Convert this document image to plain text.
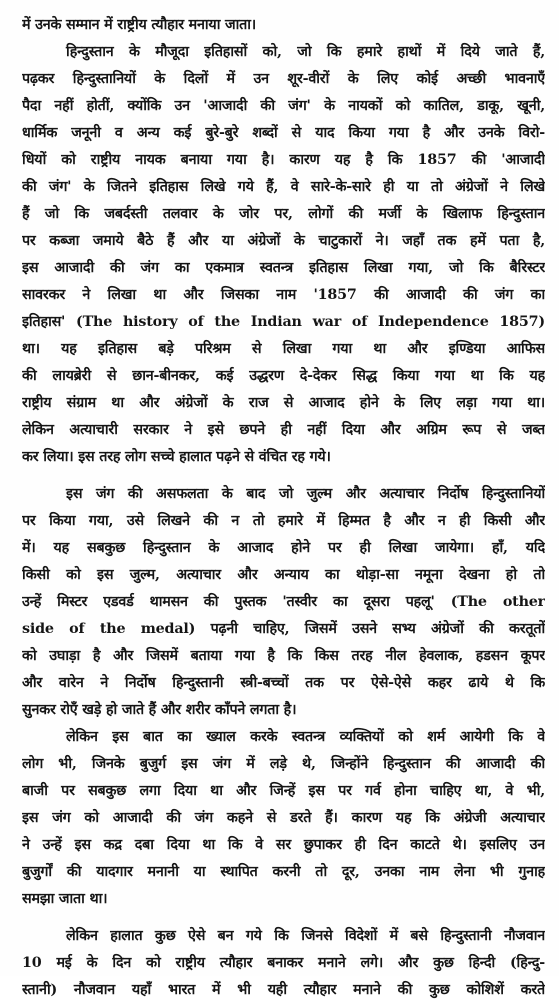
में उनके सम्मान में राष्ट्रीय त्यौहार मनाया जाता।
हिन्दुस्तान के मौजूदा इतिहासों को, जो कि हमारे हाथों में दिये जाते हैं,
पढ़कर हिन्दुस्तानियों के दिलों में उन शूर-वीरों के लिए कोई अच्छी भावनाएँ
पैदा नहीं होतीं, क्योंकि उन 'आजादी की जंग' के नायकों को कातिल, डाकू, खूनी,
धार्मिक जनूनी व अन्य कई बुरे-बुरे शब्दों से याद किया गया है और उनके विरो-
धियों को राष्ट्रीय नायक बनाया गया है। कारण यह है कि 1857 की 'आजादी
की जंग' के जितने इतिहास लिखे गये हैं, वे सारे-के-सारे ही या तो अंग्रेजों ने लिखे
हैं जो कि जबर्दस्ती तलवार के जोर पर, लोगों की मर्जी के खिलाफ हिन्दुस्तान
पर कब्जा जमाये बैठे हैं और या अंग्रेजों के चाटुकारों ने। जहाँ तक हमें पता है,
इस आजादी की जंग का एकमात्र स्वतन्त्र इतिहास लिखा गया, जो कि बैरिस्टर
सावरकर ने लिखा था और जिसका नाम '1857 की आजादी की जंग का
इतिहास' (The history of the Indian war of Independence 1857)
था। यह इतिहास बड़े परिश्रम से लिखा गया था और इण्डिया आफिस
की लायब्रेरी से छान-बीनकर, कई उद्धरण दे-देकर सिद्ध किया गया था कि यह
राष्ट्रीय संग्राम था और अंग्रेजों के राज से आजाद होने के लिए लड़ा गया था।
लेकिन अत्याचारी सरकार ने इसे छपने ही नहीं दिया और अग्रिम रूप से जब्त
कर लिया। इस तरह लोग सच्चे हालात पढ़ने से वंचित रह गये।
इस जंग की असफलता के बाद जो जुल्म और अत्याचार निर्दोष हिन्दुस्तानियों
पर किया गया, उसे लिखने की न तो हमारे में हिम्मत है और न ही किसी और
में। यह सबकुछ हिन्दुस्तान के आजाद होने पर ही लिखा जायेगा। हाँ, यदि
किसी को इस जुल्म, अत्याचार और अन्याय का थोड़ा-सा नमूना देखना हो तो
उन्हें मिस्टर एडवर्ड थामसन की पुस्तक 'तस्वीर का दूसरा पहलू' (The other
side of the medal) पढ़नी चाहिए, जिसमें उसने सभ्य अंग्रेजों की करतूतों
को उघाड़ा है और जिसमें बताया गया है कि किस तरह नील हेवलाक, हडसन कूपर
और वारेन ने निर्दोष हिन्दुस्तानी स्त्री-बच्चों तक पर ऐसे-ऐसे कहर ढाये थे कि
सुनकर रोएँ खड़े हो जाते हैं और शरीर काँपने लगता है।
लेकिन इस बात का ख्याल करके स्वतन्त्र व्यक्तियों को शर्म आयेगी कि वे
लोग भी, जिनके बुजुर्ग इस जंग में लड़े थे, जिन्होंने हिन्दुस्तान की आजादी की
बाजी पर सबकुछ लगा दिया था और जिन्हें इस पर गर्व होना चाहिए था, वे भी,
इस जंग को आजादी की जंग कहने से डरते हैं। कारण यह कि अंग्रेजी अत्याचार
ने उन्हें इस कद्र दबा दिया था कि वे सर छुपाकर ही दिन काटते थे। इसलिए उन
बुजुर्गों की यादगार मनानी या स्थापित करनी तो दूर, उनका नाम लेना भी गुनाह
समझा जाता था।
लेकिन हालात कुछ ऐसे बन गये कि जिनसे विदेशों में बसे हिन्दुस्तानी नौजवान
10 मई के दिन को राष्ट्रीय त्यौहार बनाकर मनाने लगे। और कुछ हिन्दी (हिन्दु-
स्तानी) नौजवान यहाँ भारत में भी यही त्यौहार मनाने की कुछ कोशिशें करते
